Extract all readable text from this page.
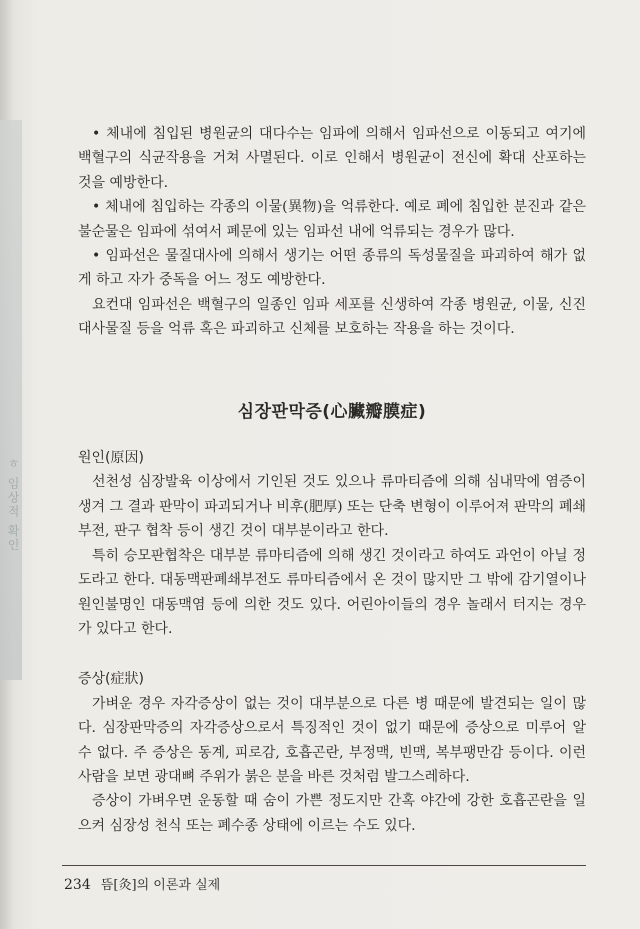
ㅎ 임상적 확인

• 체내에 침입된 병원균의 대다수는 임파에 의해서 임파선으로 이동되고 여기에 백혈구의 식균작용을 거쳐 사멸된다. 이로 인해서 병원균이 전신에 확대 산포하는 것을 예방한다.

• 체내에 침입하는 각종의 이물(異物)을 억류한다. 예로 폐에 침입한 분진과 같은 불순물은 임파에 섞여서 폐문에 있는 임파선 내에 억류되는 경우가 많다.

• 임파선은 물질대사에 의해서 생기는 어떤 종류의 독성물질을 파괴하여 해가 없게 하고 자가 중독을 어느 정도 예방한다.

요컨대 임파선은 백혈구의 일종인 임파 세포를 신생하여 각종 병원균, 이물, 신진대사물질 등을 억류 혹은 파괴하고 신체를 보호하는 작용을 하는 것이다.

심장판막증(心臟瓣膜症)

원인(原因)

선천성 심장발육 이상에서 기인된 것도 있으나 류마티즘에 의해 심내막에 염증이 생겨 그 결과 판막이 파괴되거나 비후(肥厚) 또는 단축 변형이 이루어져 판막의 폐쇄부전, 판구 협착 등이 생긴 것이 대부분이라고 한다.

특히 승모판협착은 대부분 류마티즘에 의해 생긴 것이라고 하여도 과언이 아닐 정도라고 한다. 대동맥판폐쇄부전도 류마티즘에서 온 것이 많지만 그 밖에 감기열이나 원인불명인 대동맥염 등에 의한 것도 있다. 어린아이들의 경우 놀래서 터지는 경우가 있다고 한다.

증상(症狀)

가벼운 경우 자각증상이 없는 것이 대부분으로 다른 병 때문에 발견되는 일이 많다. 심장판막증의 자각증상으로서 특징적인 것이 없기 때문에 증상으로 미루어 알 수 없다. 주 증상은 동계, 피로감, 호흡곤란, 부정맥, 빈맥, 복부팽만감 등이다. 이런 사람을 보면 광대뼈 주위가 붉은 분을 바른 것처럼 발그스레하다.

증상이 가벼우면 운동할 때 숨이 가쁜 정도지만 간혹 야간에 강한 호흡곤란을 일으켜 심장성 천식 또는 폐수종 상태에 이르는 수도 있다.

234 뜸[灸]의 이론과 실제
